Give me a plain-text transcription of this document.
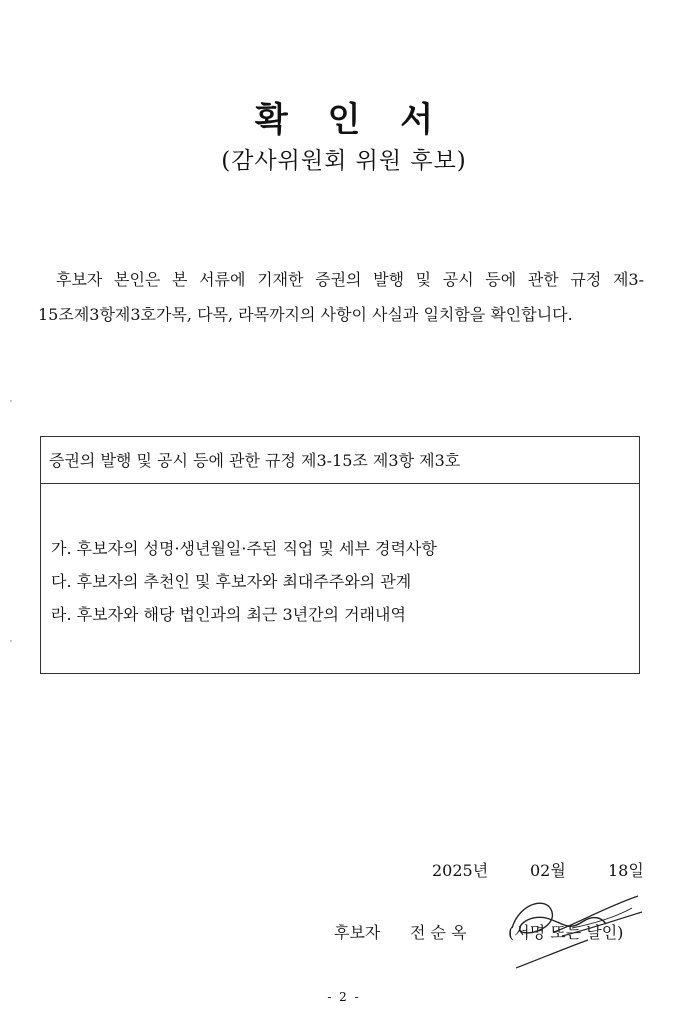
확 인 서
(감사위원회 위원 후보)
후보자 본인은 본 서류에 기재한 증권의 발행 및 공시 등에 관한 규정 제3-15조제3항제3호가목, 다목, 라목까지의 사항이 사실과 일치함을 확인합니다.
증권의 발행 및 공시 등에 관한 규정 제3-15조 제3항 제3호
가. 후보자의 성명·생년월일·주된 직업 및 세부 경력사항
다. 후보자의 추천인 및 후보자와 최대주주와의 관계
라. 후보자와 해당 법인과의 최근 3년간의 거래내역
2025년	02월	18일
후보자 전 순 옥	(서명 또는 날인)
- 2 -
